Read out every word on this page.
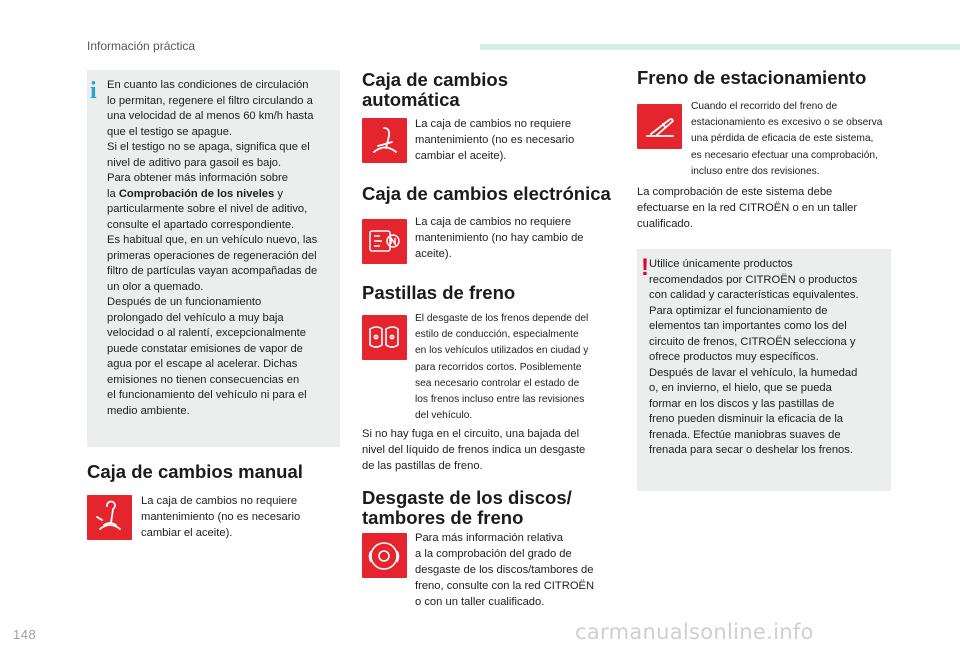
Información práctica
i En cuanto las condiciones de circulación
lo permitan, regenere el filtro circulando a
una velocidad de al menos 60 km/h hasta
que el testigo se apague.
Si el testigo no se apaga, significa que el
nivel de aditivo para gasoil es bajo.
Para obtener más información sobre
la Comprobación de los niveles y
particularmente sobre el nivel de aditivo,
consulte el apartado correspondiente.
Es habitual que, en un vehículo nuevo, las
primeras operaciones de regeneración del
filtro de partículas vayan acompañadas de
un olor a quemado.
Después de un funcionamiento
prolongado del vehículo a muy baja
velocidad o al ralentí, excepcionalmente
puede constatar emisiones de vapor de
agua por el escape al acelerar. Dichas
emisiones no tienen consecuencias en
el funcionamiento del vehículo ni para el
medio ambiente.
Caja de cambios manual
La caja de cambios no requiere
mantenimiento (no es necesario
cambiar el aceite).
Caja de cambios
automática
La caja de cambios no requiere
mantenimiento (no es necesario
cambiar el aceite).
Caja de cambios electrónica
La caja de cambios no requiere
mantenimiento (no hay cambio de
aceite).
Pastillas de freno
El desgaste de los frenos depende del
estilo de conducción, especialmente
en los vehículos utilizados en ciudad y
para recorridos cortos. Posiblemente
sea necesario controlar el estado de
los frenos incluso entre las revisiones
del vehículo.
Si no hay fuga en el circuito, una bajada del
nivel del líquido de frenos indica un desgaste
de las pastillas de freno.
Desgaste de los discos/
tambores de freno
Para más información relativa
a la comprobación del grado de
desgaste de los discos/tambores de
freno, consulte con la red CITROËN
o con un taller cualificado.
Freno de estacionamiento
Cuando el recorrido del freno de
estacionamiento es excesivo o se observa
una pérdida de eficacia de este sistema,
es necesario efectuar una comprobación,
incluso entre dos revisiones.
La comprobación de este sistema debe
efectuarse en la red CITROËN o en un taller
cualificado.
! Utilice únicamente productos
recomendados por CITROËN o productos
con calidad y características equivalentes.
Para optimizar el funcionamiento de
elementos tan importantes como los del
circuito de frenos, CITROËN selecciona y
ofrece productos muy específicos.
Después de lavar el vehículo, la humedad
o, en invierno, el hielo, que se pueda
formar en los discos y las pastillas de
freno pueden disminuir la eficacia de la
frenada. Efectúe maniobras suaves de
frenada para secar o deshelar los frenos.
148	carmanualsonline.info
